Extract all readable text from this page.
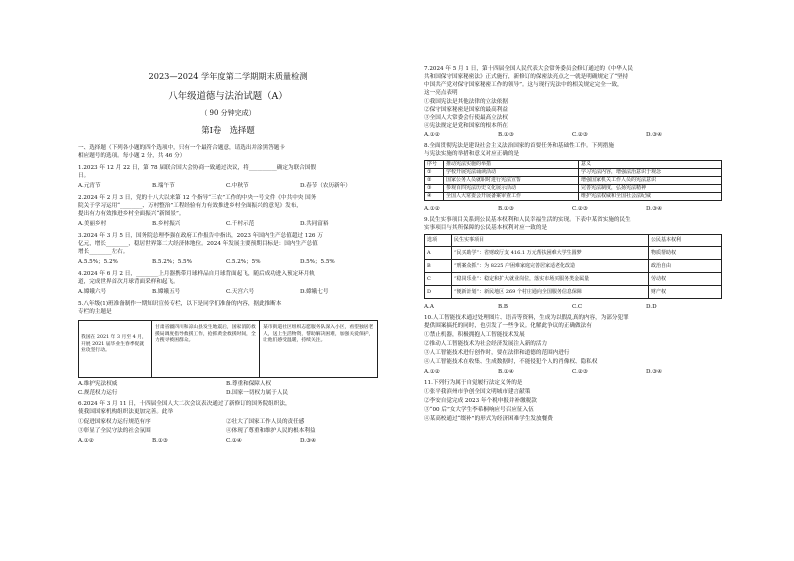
2023—2024 学年度第二学期期末质量检测
八年级道德与法治试题（A）
（ 90 分钟完成）
第Ⅰ卷　选择题
一、选择题（下列各小题的四个选项中，只有一个最符合题意，请选出并涂黑答题卡
相应题号的选项。每小题 2 分，共 46 分）
1.2023 年 12 月 22 日，第 78 届联合国大会协商一致通过决议，将__________确定为联合国假
日。
A.元宵节	B.端午节	C.中秋节	D.春节（农历新年）
2.2024 年 2 月 3 日，党的十八大以来第 12 个指导“三农”工作的中央一号文件《中共中央 国务
院关于学习运用“________、万村整治”工程经验有力有效推进乡村全面振兴的意见》发布，
提出有力有效推进乡村全面振兴“新图景”。
A.美丽乡村	B.乡村振兴	C.千村示范	D.共同富裕
3.2024 年 3 月 5 日，国务院总理李强在政府工作报告中指出，2023 年国内生产总值超过 126 万
亿元，增长________，稳居世界第二大经济体地位。2024 年发展主要预期目标是：国内生产总值
增长________左右。
A.5.5%；5.2%	B.5.2%；5.5%	C.5.2%；5%	D.5%；5.5%
4.2024 年 6 月 2 日，________上月器携带月球样品自月球背面起飞，随后成功进入预定环月轨
道，完成世界首次月球背面采样和起飞。
A.嫦娥六号	B.嫦娥五号	C.天宫六号	D.嫦娥七号
5.八年级(1)班准备制作一期知识宣传专栏，以下是同学们准备的内容，据此推断本
专栏的主题是
我国在 2021 年 3 月至 4 月，开展 2021 届毕业生春季促就业攻坚行动。
甘肃省疆四川和凉山县发生地震后，国家消防救援局调度指导救援工作，抢抓黄金救援时间，全力搜寻被困群众。
某市街道社区组织志愿服务队深入小区，看望独居老人，送上生活物资，帮助解决困难，加强关爱保护，让他们感受温暖，持续关注。
A.维护宪法权威	B.尊重和保障人权
C.规范权力运行	D.国家一切权力属于人民
6.2024 年 3 月 11 日，十四届全国人大二次会议表决通过了新修订的国务院组织法，
使我国国家机构组织法更加完善。此举
①促进国家权力运行规范有序	②壮大了国家工作人员的责任感
③彰显了全民守法的社会氛围	④体现了尊重和维护人民的根本利益
A.①②	B.①③	C.①④	D.③④
7.2024 年 5 月 1 日，第十四届全国人民代表大会常务委员会修订通过的《中华人民
共和国保守国家秘密法》正式施行，新修订的保密法亮点之一就是明确规定了“坚持
中国共产党对保守国家秘密工作的领导”。这与现行宪法中的相关规定完全一致，
这一亮点表明
①我国宪法是其他法律的立法依据
②保守国家秘密是国家的最高利益
③全国人大常委会行使最高立法权
④宪法规定是党和国家的根本所在
A.①②	B.①③	C.②③	D.③④
8.全面贯彻宪法是建设社会主义法治国家的首要任务和基础性工作。下列措施
与宪法实施的举措和意义对应正确的是
序号	推动宪法实施的举措	意义
①	学校开展宪法诵读活动	学习宪法内容，增强法治意识于观念
②	国家公务人员就职时进行宪法宣誓	增强国家机关工作人员的宪法意识
③	参观百四宪法历史文化展示活动	完善宪法制度，弘扬宪法精神
④	全国人大常委会开展备案审查工作	维护宪法权威和全国社会法纪威
A.①②	B.①③	C.②③	D.③④
9.民生实事项目关系到公民基本权利和人民幸福生活的实现。下表中某省实施的民生
实事项目与其所保障的公民基本权利对应一致的是
选项	民生实事项目	公民基本权利
A	“民买助学”：省财政厅支 416.1 万元帮扶困难大学生圆梦	物质帮助权
B	“刑案众抓”：为 8225 户困难家庭完善居家适老化改造	政治自由
C	“稳岗乐业”：稳定和扩大就业岗位，落实市场买服务类金属量	劳动权
D	“便新計划”：新民地区 269 个村庄通向全国服务信息保障	财产权
A.A	B.B	C.C	D.D
10.人工智能技术通过处理图片、语音等资料，生成为以假乱真的内容，为部分犯罪
提供围案搞托的同时，也引发了一些争议。化解此争议的正确做法有
①禁止机器，积极拥抱人工智能技术发展
②推动人工智能技术为社会经济发展注入新的活力
③人工智能技术进行创作时，要在法律和道德的范围内进行
④人工智能技术在收集、生成数据时，不能侵犯个人的肖像权、隐私权
A.①②	B.①④	C.②③	D.③④
11.下列行为属于自觉履行法定义务的是
①张平我滨州市争创全国文明城市建言献策
②李安自觉完成 2023 年个税申报并补缴税款
③“00 后”女大学生李希桐响应号召应征入伍
④某高校通过“缀补”的形式为经济困难学生发放餐费
